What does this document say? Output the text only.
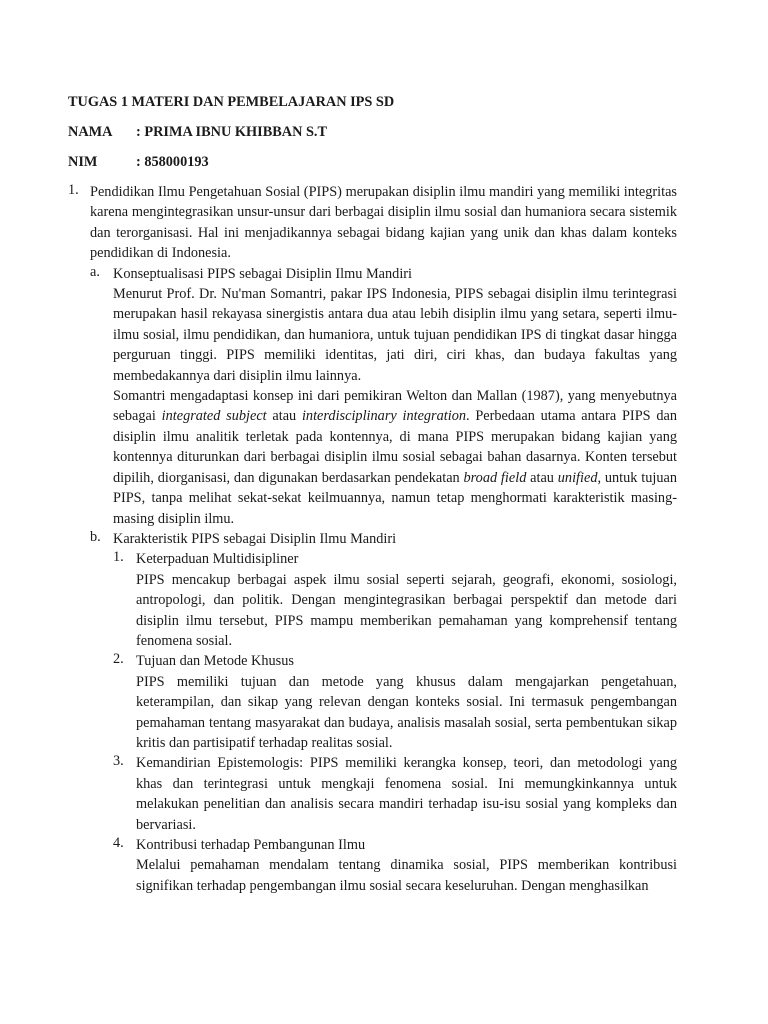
TUGAS 1 MATERI DAN PEMBELAJARAN IPS SD
NAMA	: PRIMA IBNU KHIBBAN S.T
NIM	: 858000193
1. Pendidikan Ilmu Pengetahuan Sosial (PIPS) merupakan disiplin ilmu mandiri yang memiliki integritas karena mengintegrasikan unsur-unsur dari berbagai disiplin ilmu sosial dan humaniora secara sistemik dan terorganisasi. Hal ini menjadikannya sebagai bidang kajian yang unik dan khas dalam konteks pendidikan di Indonesia.

a. Konseptualisasi PIPS sebagai Disiplin Ilmu Mandiri

Menurut Prof. Dr. Nu'man Somantri, pakar IPS Indonesia, PIPS sebagai disiplin ilmu terintegrasi merupakan hasil rekayasa sinergistis antara dua atau lebih disiplin ilmu yang setara, seperti ilmu-ilmu sosial, ilmu pendidikan, dan humaniora, untuk tujuan pendidikan IPS di tingkat dasar hingga perguruan tinggi. PIPS memiliki identitas, jati diri, ciri khas, dan budaya fakultas yang membedakannya dari disiplin ilmu lainnya.

Somantri mengadaptasi konsep ini dari pemikiran Welton dan Mallan (1987), yang menyebutnya sebagai integrated subject atau interdisciplinary integration. Perbedaan utama antara PIPS dan disiplin ilmu analitik terletak pada kontennya, di mana PIPS merupakan bidang kajian yang kontennya diturunkan dari berbagai disiplin ilmu sosial sebagai bahan dasarnya. Konten tersebut dipilih, diorganisasi, dan digunakan berdasarkan pendekatan broad field atau unified, untuk tujuan PIPS, tanpa melihat sekat-sekat keilmuannya, namun tetap menghormati karakteristik masing-masing disiplin ilmu.

b. Karakteristik PIPS sebagai Disiplin Ilmu Mandiri

1. Keterpaduan Multidisipliner

PIPS mencakup berbagai aspek ilmu sosial seperti sejarah, geografi, ekonomi, sosiologi, antropologi, dan politik. Dengan mengintegrasikan berbagai perspektif dan metode dari disiplin ilmu tersebut, PIPS mampu memberikan pemahaman yang komprehensif tentang fenomena sosial.

2. Tujuan dan Metode Khusus

PIPS memiliki tujuan dan metode yang khusus dalam mengajarkan pengetahuan, keterampilan, dan sikap yang relevan dengan konteks sosial. Ini termasuk pengembangan pemahaman tentang masyarakat dan budaya, analisis masalah sosial, serta pembentukan sikap kritis dan partisipatif terhadap realitas sosial.

3. Kemandirian Epistemologis: PIPS memiliki kerangka konsep, teori, dan metodologi yang khas dan terintegrasi untuk mengkaji fenomena sosial. Ini memungkinkannya untuk melakukan penelitian dan analisis secara mandiri terhadap isu-isu sosial yang kompleks dan bervariasi.

4. Kontribusi terhadap Pembangunan Ilmu

Melalui pemahaman mendalam tentang dinamika sosial, PIPS memberikan kontribusi signifikan terhadap pengembangan ilmu sosial secara keseluruhan. Dengan menghasilkan
